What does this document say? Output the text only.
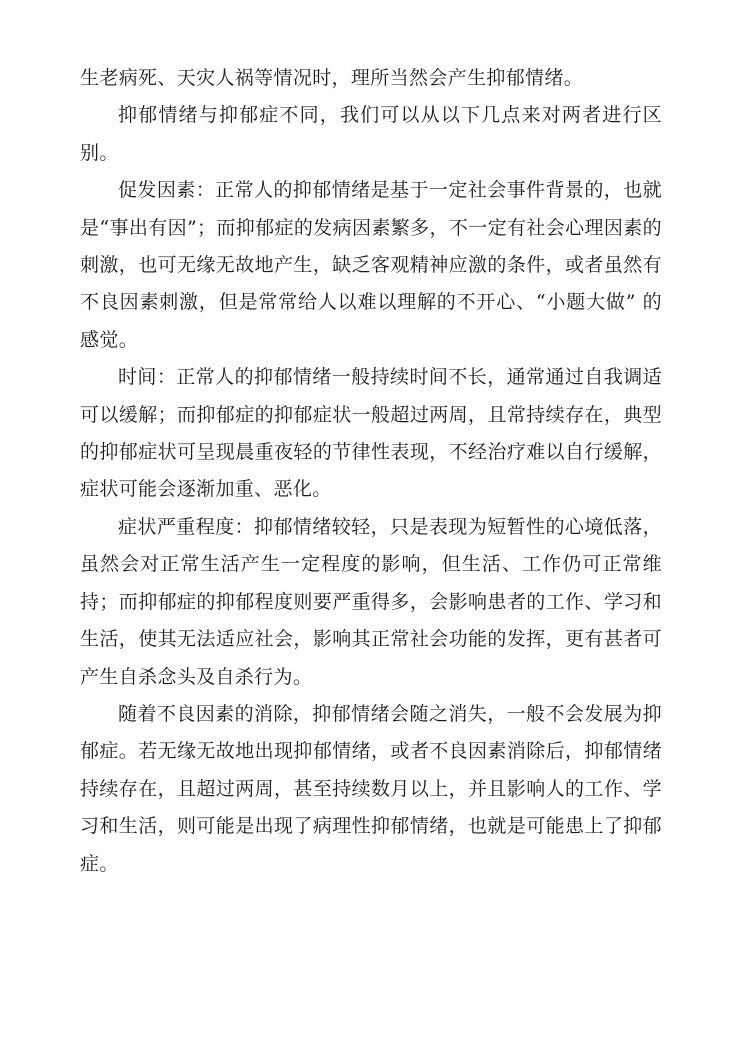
生老病死、天灾人祸等情况时，理所当然会产生抑郁情绪。

抑郁情绪与抑郁症不同，我们可以从以下几点来对两者进行区别。

促发因素：正常人的抑郁情绪是基于一定社会事件背景的，也就是“事出有因”；而抑郁症的发病因素繁多，不一定有社会心理因素的刺激，也可无缘无故地产生，缺乏客观精神应激的条件，或者虽然有不良因素刺激，但是常常给人以难以理解的不开心、“小题大做” 的感觉。

时间：正常人的抑郁情绪一般持续时间不长，通常通过自我调适可以缓解；而抑郁症的抑郁症状一般超过两周，且常持续存在，典型的抑郁症状可呈现晨重夜轻的节律性表现，不经治疗难以自行缓解，症状可能会逐渐加重、恶化。

症状严重程度：抑郁情绪较轻，只是表现为短暂性的心境低落，虽然会对正常生活产生一定程度的影响，但生活、工作仍可正常维持；而抑郁症的抑郁程度则要严重得多，会影响患者的工作、学习和生活，使其无法适应社会，影响其正常社会功能的发挥，更有甚者可产生自杀念头及自杀行为。

随着不良因素的消除，抑郁情绪会随之消失，一般不会发展为抑郁症。若无缘无故地出现抑郁情绪，或者不良因素消除后，抑郁情绪持续存在，且超过两周，甚至持续数月以上，并且影响人的工作、学习和生活，则可能是出现了病理性抑郁情绪，也就是可能患上了抑郁症。
